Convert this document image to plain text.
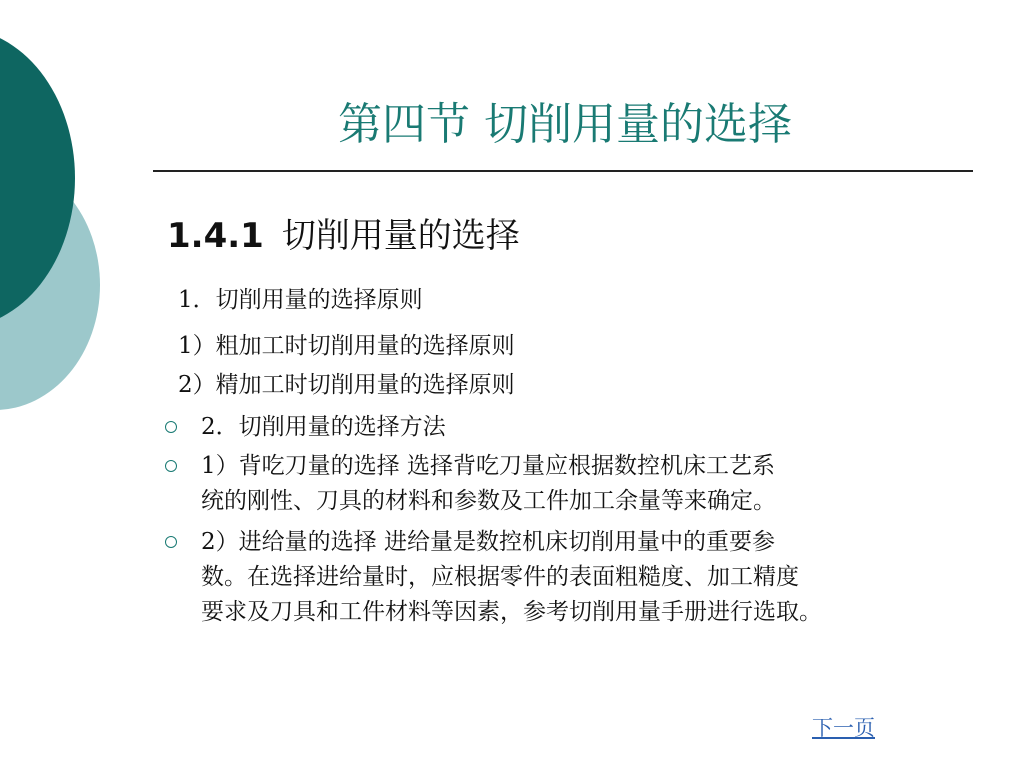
第四节 切削用量的选择
1.4.1 切削用量的选择
1．切削用量的选择原则
1）粗加工时切削用量的选择原则
2）精加工时切削用量的选择原则
2．切削用量的选择方法
1）背吃刀量的选择 选择背吃刀量应根据数控机床工艺系
统的刚性、刀具的材料和参数及工件加工余量等来确定。
2）进给量的选择 进给量是数控机床切削用量中的重要参
数。在选择进给量时，应根据零件的表面粗糙度、加工精度
要求及刀具和工件材料等因素，参考切削用量手册进行选取。
下一页
